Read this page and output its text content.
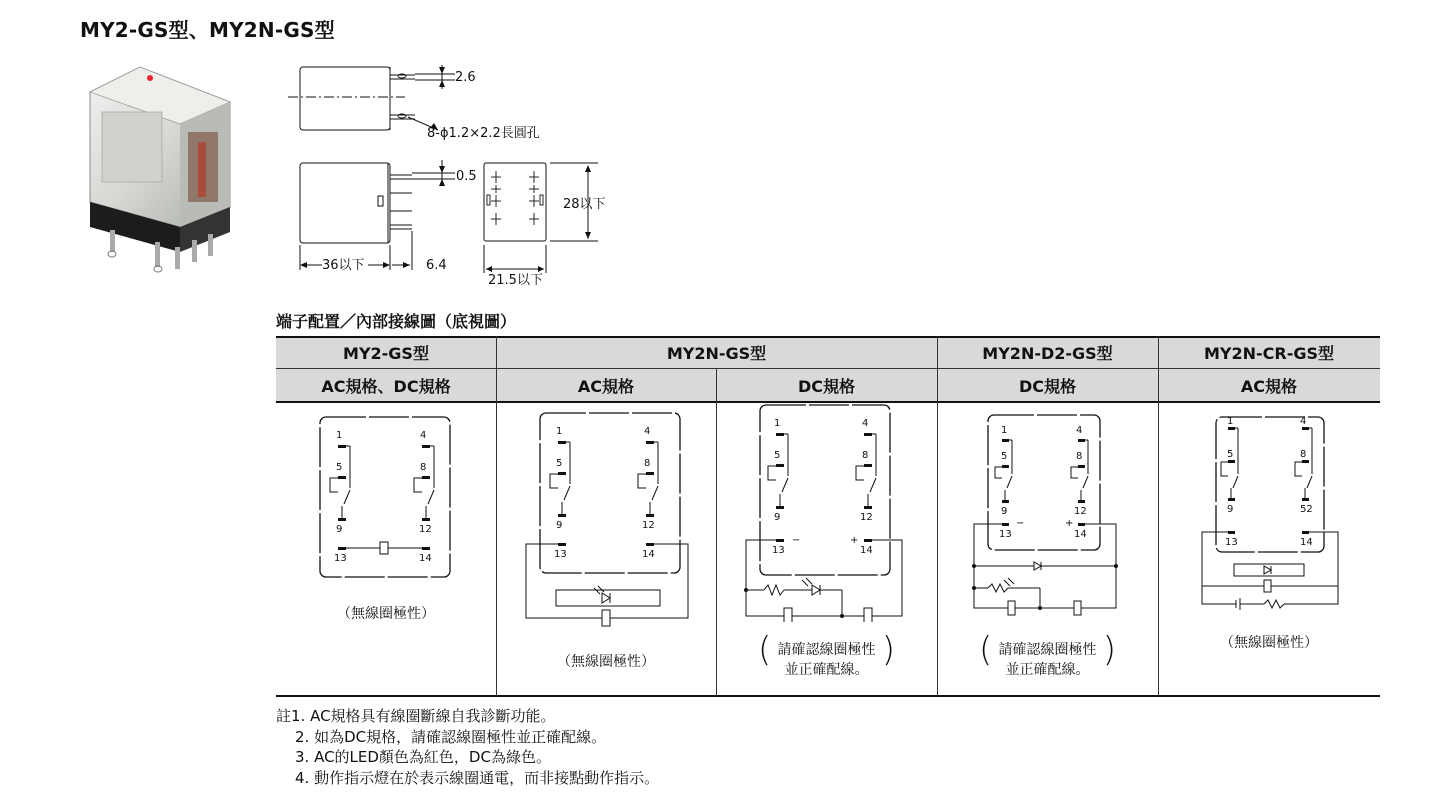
MY2-GS型、MY2N-GS型
2.6
8-ϕ1.2×2.2長圓孔
0.5
28以下
36以下	6.4
21.5以下
端子配置／內部接線圖（底視圖）
MY2-GS型	MY2N-GS型	MY2N-D2-GS型	MY2N-CR-GS型
AC規格、DC規格	AC規格	DC規格	DC規格	AC規格
1	4
5	8
9	12
13	14
（無線圈極性）
1	4
5	8
9	12
13	14
（無線圈極性）
1	4
5	8
9	12
13	14
−	+
( 請確認線圈極性
並正確配線。 )
1	4
5	8
9	12
13	14
−	+
( 請確認線圈極性
並正確配線。 )
1	4
5	8
9	52
13	14
（無線圈極性）
註1. AC規格具有線圈斷線自我診斷功能。
2. 如為DC規格，請確認線圈極性並正確配線。
3. AC的LED顏色為紅色，DC為綠色。
4. 動作指示燈在於表示線圈通電，而非接點動作指示。
